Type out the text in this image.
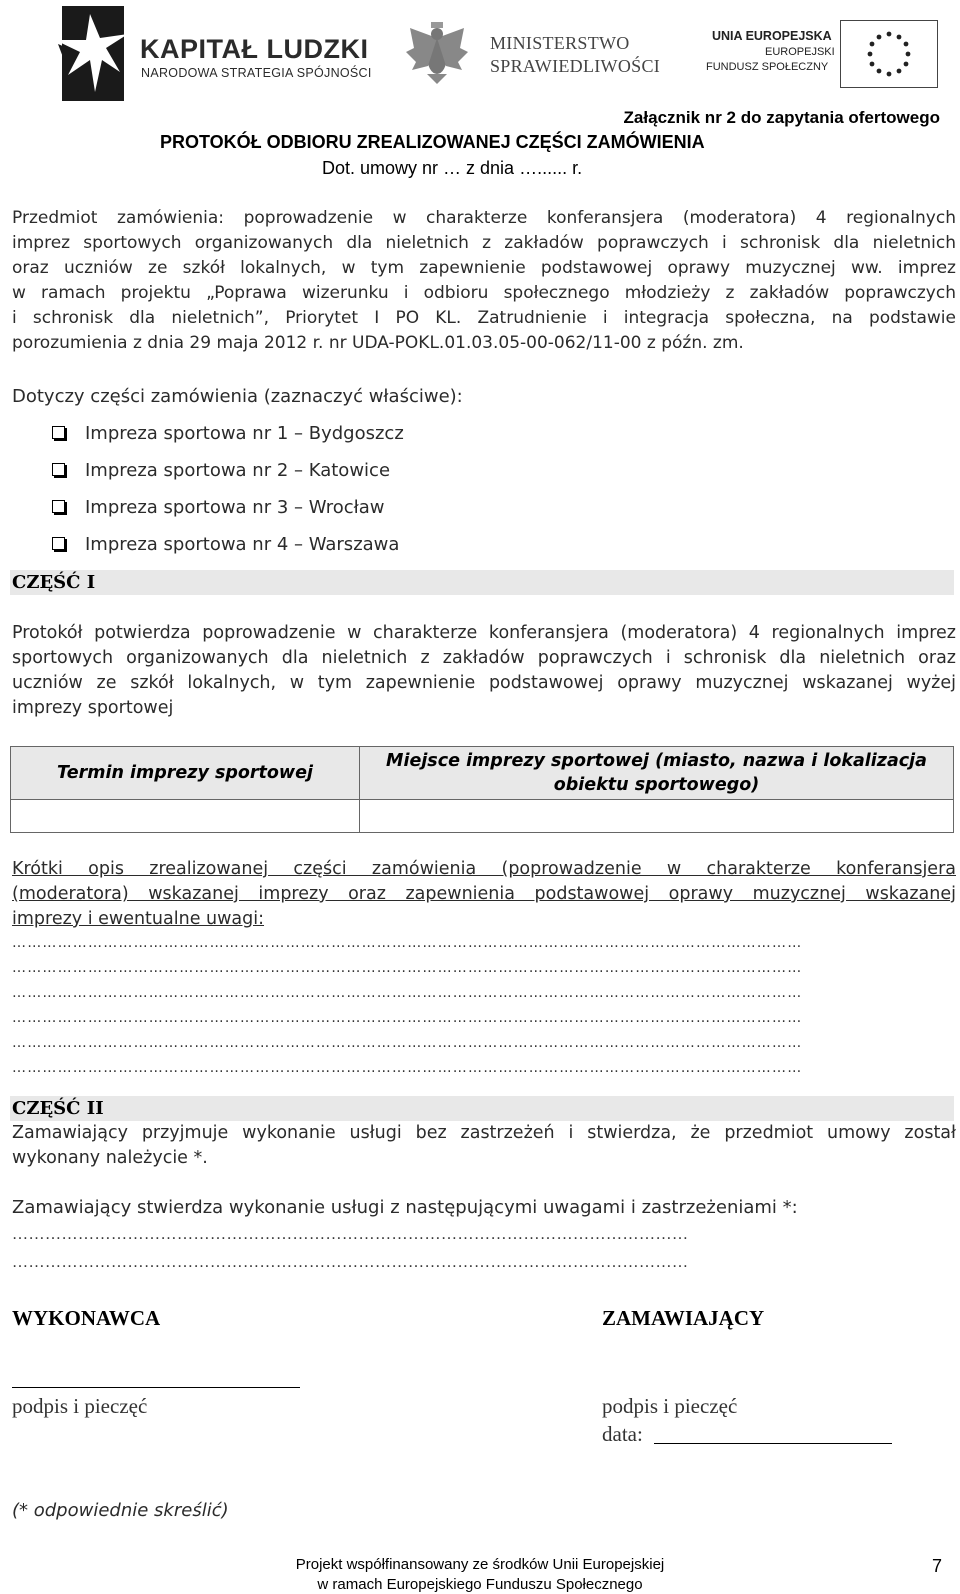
KAPITAŁ LUDZKI
NARODOWA STRATEGIA SPÓJNOŚCI
MINISTERSTWO
SPRAWIEDLIWOŚCI
UNIA EUROPEJSKA
EUROPEJSKI
FUNDUSZ SPOŁECZNY
Załącznik nr 2 do zapytania ofertowego
PROTOKÓŁ ODBIORU ZREALIZOWANEJ CZĘŚCI ZAMÓWIENIA
Dot. umowy nr … z dnia …...... r.
Przedmiot zamówienia: poprowadzenie w charakterze konferansjera (moderatora) 4 regionalnych
imprez sportowych organizowanych dla nieletnich z zakładów poprawczych i schronisk dla nieletnich
oraz uczniów ze szkół lokalnych, w tym zapewnienie podstawowej oprawy muzycznej ww. imprez
w ramach projektu „Poprawa wizerunku i odbioru społecznego młodzieży z zakładów poprawczych
i schronisk dla nieletnich”, Priorytet I PO KL. Zatrudnienie i integracja społeczna, na podstawie
porozumienia z dnia 29 maja 2012 r. nr UDA-POKL.01.03.05-00-062/11-00 z późn. zm.
Dotyczy części zamówienia (zaznaczyć właściwe):
Impreza sportowa nr 1 – Bydgoszcz
Impreza sportowa nr 2 – Katowice
Impreza sportowa nr 3 – Wrocław
Impreza sportowa nr 4 – Warszawa
CZĘŚĆ I
Protokół potwierdza poprowadzenie w charakterze konferansjera (moderatora) 4 regionalnych imprez
sportowych organizowanych dla nieletnich z zakładów poprawczych i schronisk dla nieletnich oraz
uczniów ze szkół lokalnych, w tym zapewnienie podstawowej oprawy muzycznej wskazanej wyżej
imprezy sportowej
Termin imprezy sportowej	Miejsce imprezy sportowej (miasto, nazwa i lokalizacja obiektu sportowego)

Krótki opis zrealizowanej części zamówienia (poprowadzenie w charakterze konferansjera
(moderatora) wskazanej imprezy oraz zapewnienia podstawowej oprawy muzycznej wskazanej
imprezy i ewentualne uwagi:
…………………………………………………………………………………………………………………………………………
…………………………………………………………………………………………………………………………………………
…………………………………………………………………………………………………………………………………………
…………………………………………………………………………………………………………………………………………
…………………………………………………………………………………………………………………………………………
…………………………………………………………………………………………………………………………………………
CZĘŚĆ II
Zamawiający przyjmuje wykonanie usługi bez zastrzeżeń i stwierdza, że przedmiot umowy został
wykonany należycie *.
Zamawiający stwierdza wykonanie usługi z następującymi uwagami i zastrzeżeniami *:
……………………………………………………………………………………………………………
……………………………………………………………………………………………………………
WYKONAWCA	ZAMAWIAJĄCY
podpis i pieczęć	podpis i pieczęć
data:
(* odpowiednie skreślić)
Projekt współfinansowany ze środków Unii Europejskiej
w ramach Europejskiego Funduszu Społecznego
7
